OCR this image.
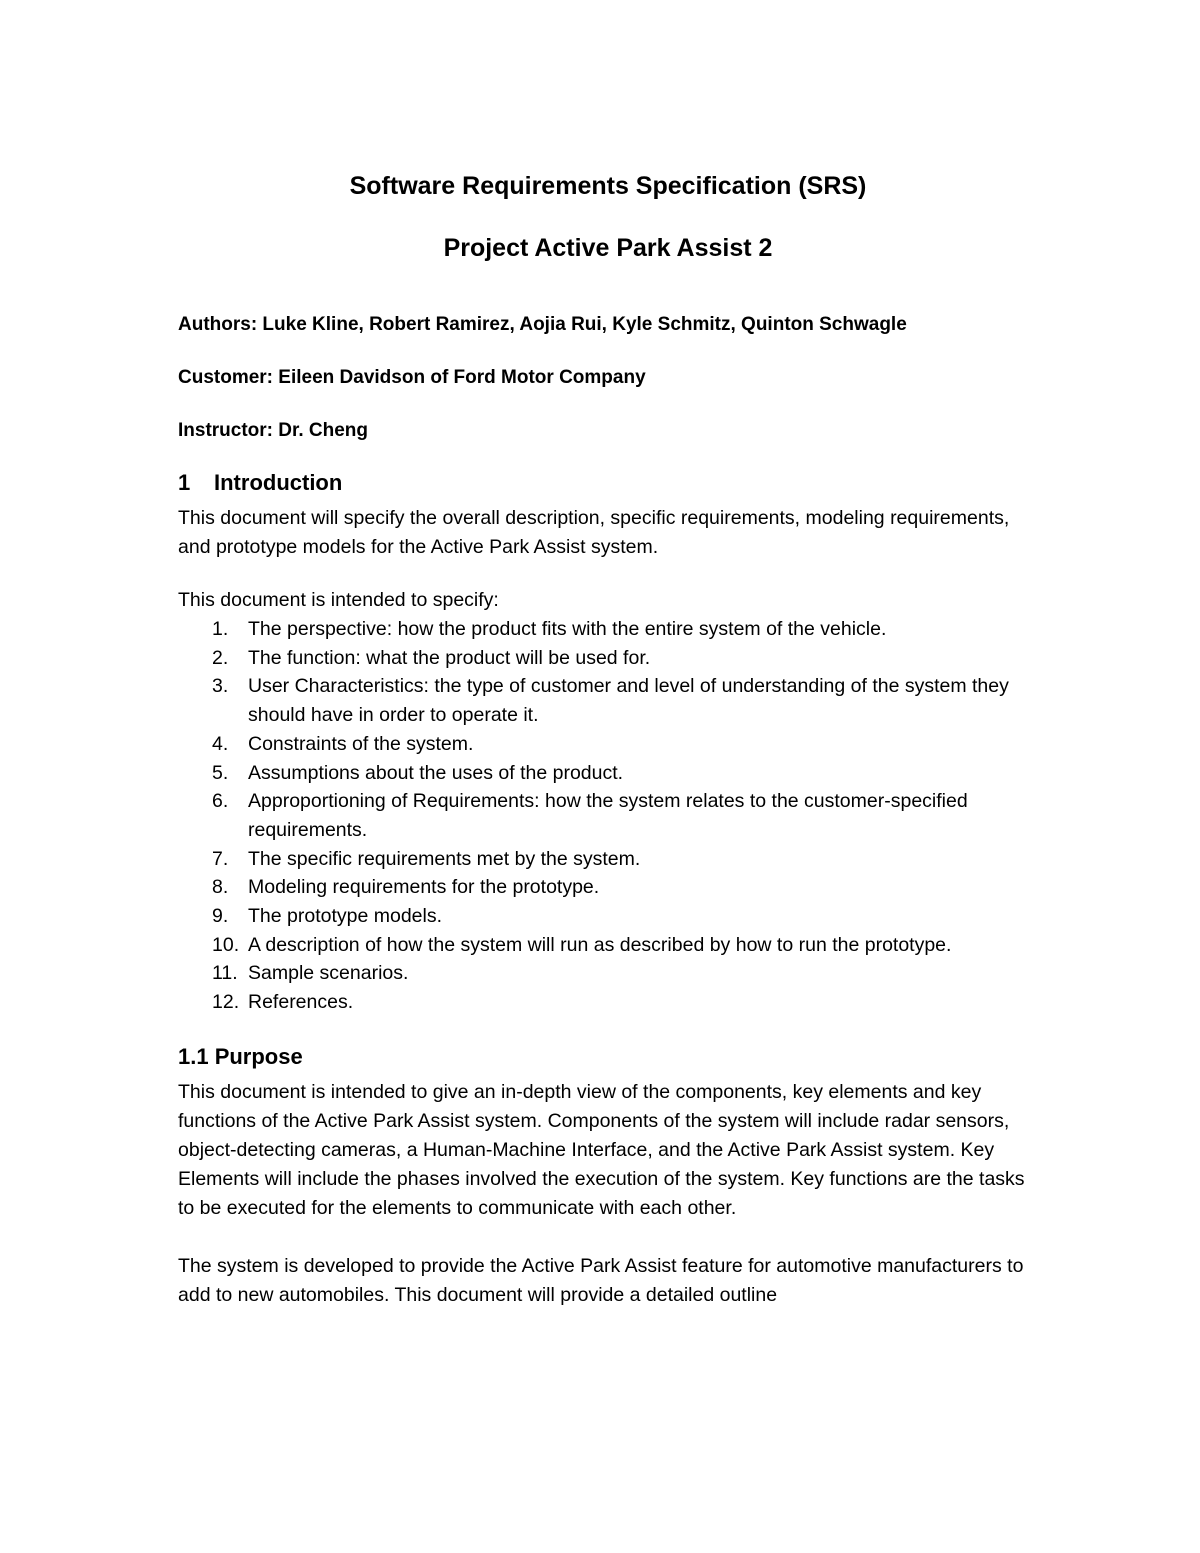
Software Requirements Specification (SRS)
Project Active Park Assist 2

Authors: Luke Kline, Robert Ramirez, Aojia Rui, Kyle Schmitz, Quinton Schwagle

Customer: Eileen Davidson of Ford Motor Company

Instructor: Dr. Cheng

1	Introduction

This document will specify the overall description, specific requirements, modeling requirements, and prototype models for the Active Park Assist system.

This document is intended to specify:

1.	The perspective: how the product fits with the entire system of the vehicle.
2.	The function: what the product will be used for.
3.	User Characteristics: the type of customer and level of understanding of the system they should have in order to operate it.
4.	Constraints of the system.
5.	Assumptions about the uses of the product.
6.	Approportioning of Requirements: how the system relates to the customer-specified requirements.
7.	The specific requirements met by the system.
8.	Modeling requirements for the prototype.
9.	The prototype models.
10. A description of how the system will run as described by how to run the prototype.
11. Sample scenarios.
12. References.
1.1 Purpose

This document is intended to give an in-depth view of the components, key elements and key functions of the Active Park Assist system. Components of the system will include radar sensors, object-detecting cameras, a Human-Machine Interface, and the Active Park Assist system. Key Elements will include the phases involved the execution of the system. Key functions are the tasks to be executed for the elements to communicate with each other.

The system is developed to provide the Active Park Assist feature for automotive manufacturers to add to new automobiles. This document will provide a detailed outline
